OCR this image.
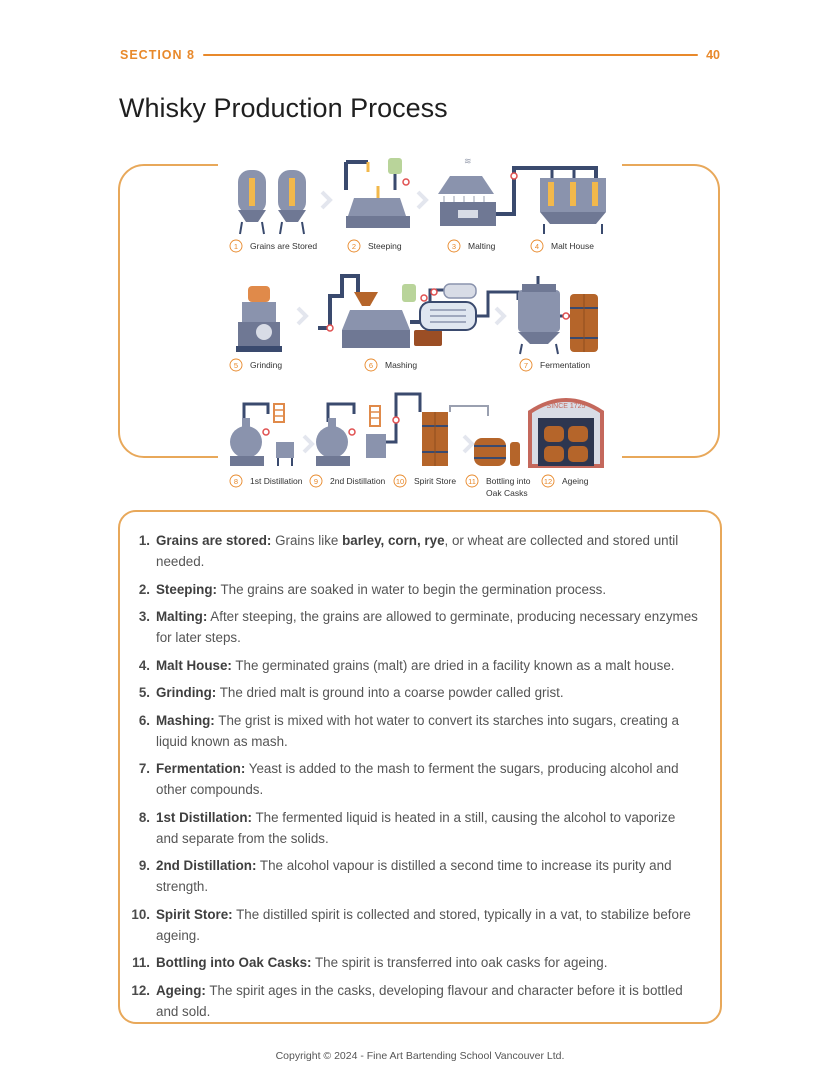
SECTION 8	40
Whisky Production Process
≋
1 Grains are Stored	2 Steeping	3 Malting	4 Malt House
5 Grinding	6 Mashing	7 Fermentation
SINCE 1725
8 1st Distillation 9 2nd Distillation 10 Spirit Store 11 Bottling into
Oak Casks
12 Ageing
1. Grains are stored: Grains like barley, corn, rye, or wheat are collected and stored until needed.
2. Steeping: The grains are soaked in water to begin the germination process.
3. Malting: After steeping, the grains are allowed to germinate, producing necessary enzymes for later steps.
4. Malt House: The germinated grains (malt) are dried in a facility known as a malt house.
5. Grinding: The dried malt is ground into a coarse powder called grist.
6. Mashing: The grist is mixed with hot water to convert its starches into sugars, creating a liquid known as mash.
7. Fermentation: Yeast is added to the mash to ferment the sugars, producing alcohol and other compounds.
8. 1st Distillation: The fermented liquid is heated in a still, causing the alcohol to vaporize and separate from the solids.
9. 2nd Distillation: The alcohol vapour is distilled a second time to increase its purity and strength.
10. Spirit Store: The distilled spirit is collected and stored, typically in a vat, to stabilize before ageing.
11. Bottling into Oak Casks: The spirit is transferred into oak casks for ageing.
12. Ageing: The spirit ages in the casks, developing flavour and character before it is bottled and sold.
Copyright © 2024 - Fine Art Bartending School Vancouver Ltd.
